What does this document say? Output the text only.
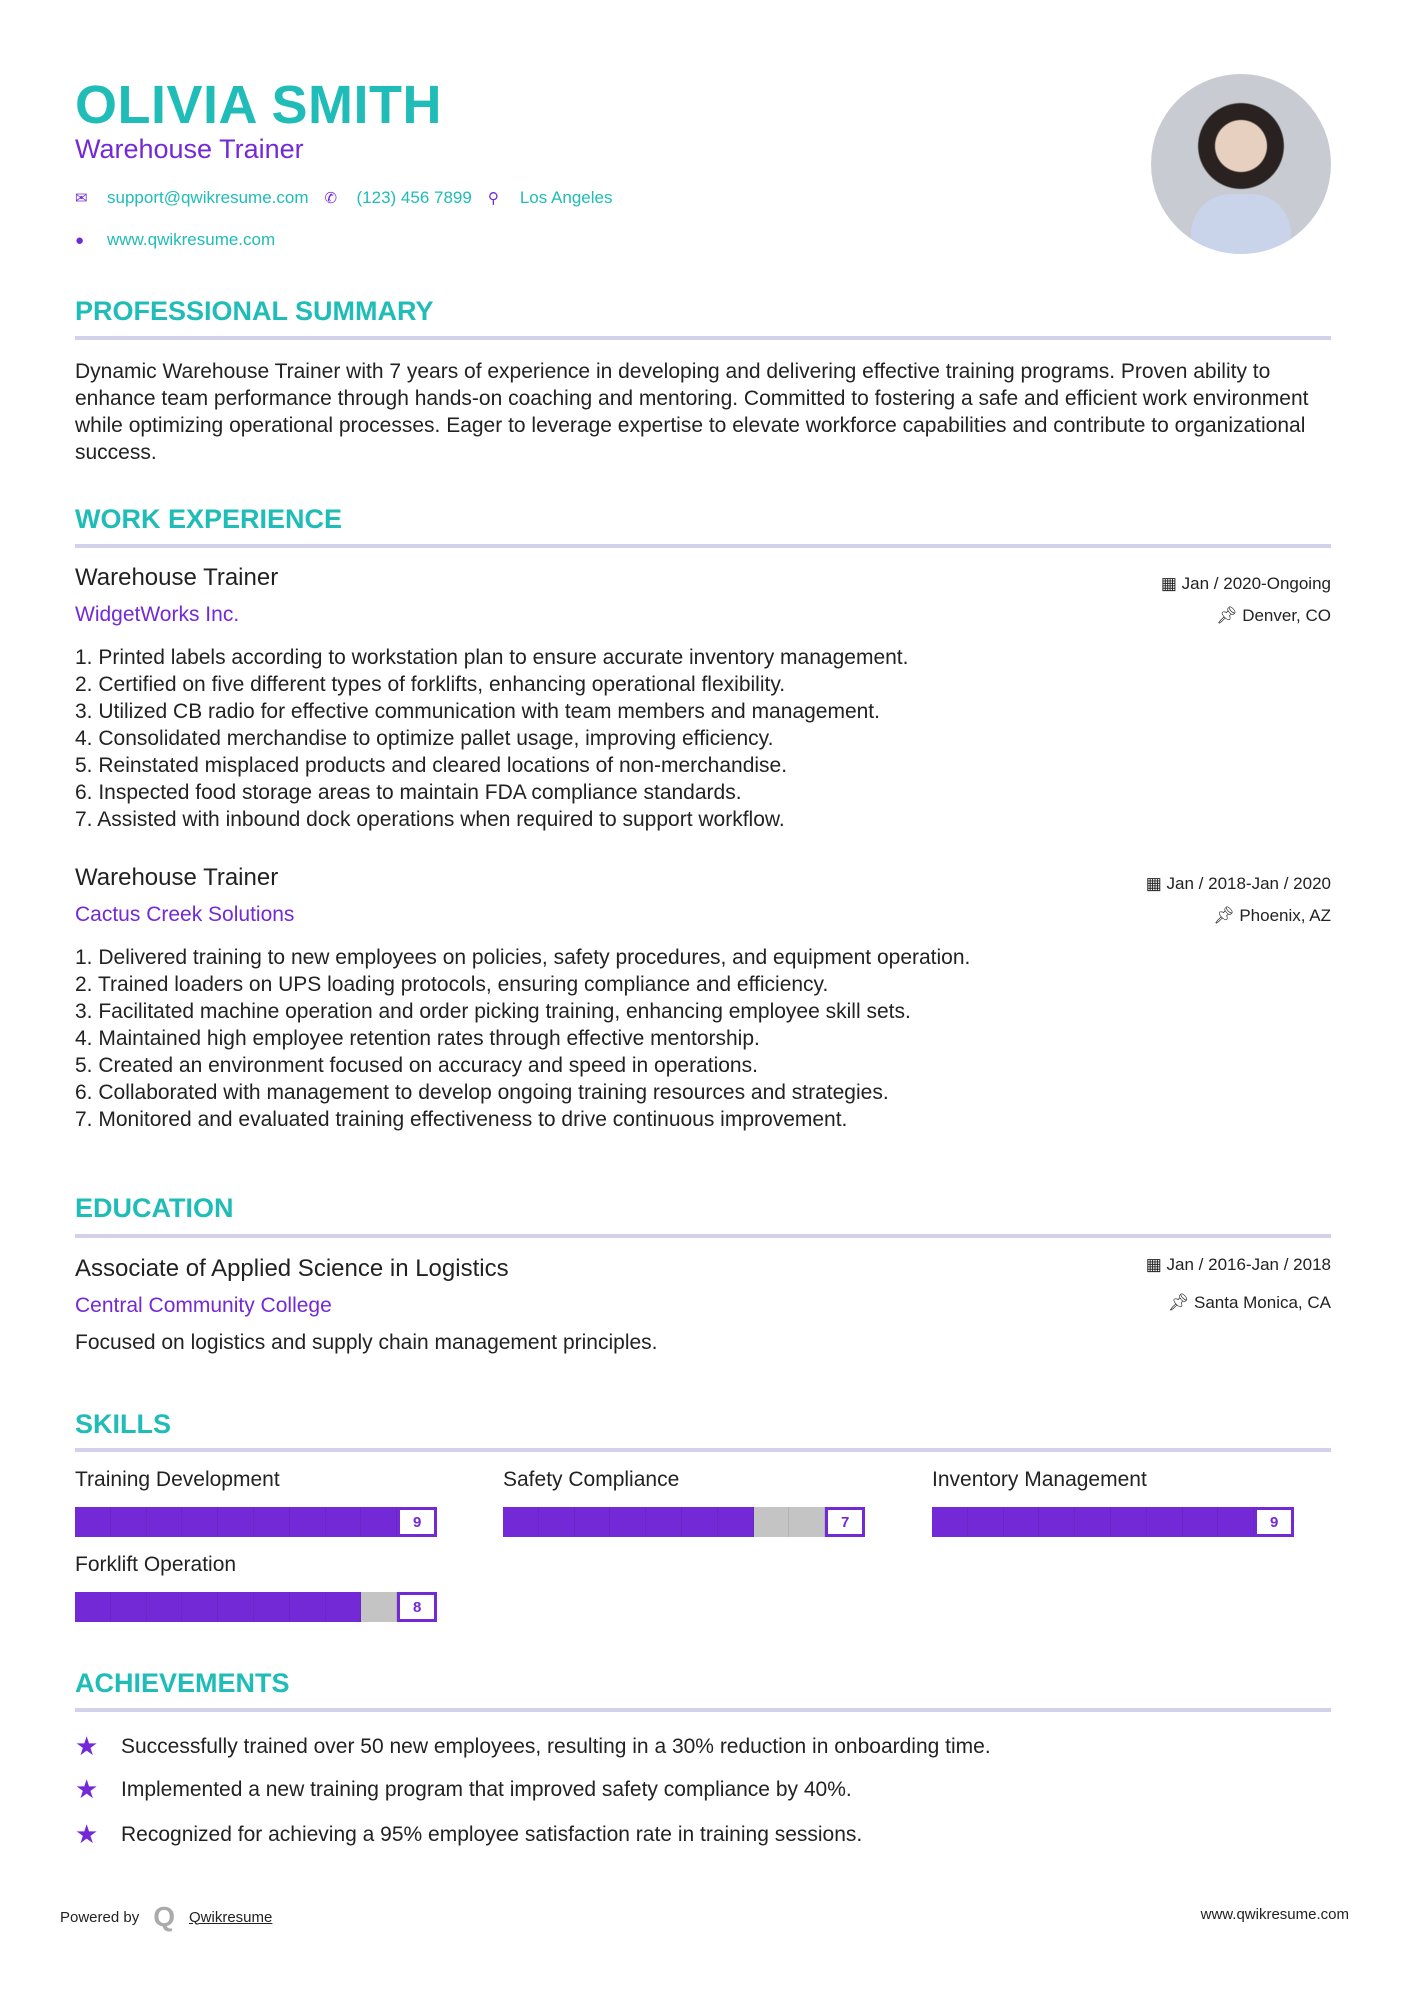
OLIVIA SMITH
Warehouse Trainer
✉	support@qwikresume.com ✆	(123) 456 7899 ⚲	Los Angeles
●	www.qwikresume.com
PROFESSIONAL SUMMARY
Dynamic Warehouse Trainer with 7 years of experience in developing and delivering effective training programs. Proven ability to enhance team performance through hands-on coaching and mentoring. Committed to fostering a safe and efficient work environment while optimizing operational processes. Eager to leverage expertise to elevate workforce capabilities and contribute to organizational success.
WORK EXPERIENCE
Warehouse Trainer
WidgetWorks Inc.
▦ Jan / 2020-Ongoing
📌︎ Denver, CO
1. Printed labels according to workstation plan to ensure accurate inventory management.
2. Certified on five different types of forklifts, enhancing operational flexibility.
3. Utilized CB radio for effective communication with team members and management.
4. Consolidated merchandise to optimize pallet usage, improving efficiency.
5. Reinstated misplaced products and cleared locations of non-merchandise.
6. Inspected food storage areas to maintain FDA compliance standards.
7. Assisted with inbound dock operations when required to support workflow.
Warehouse Trainer
Cactus Creek Solutions
▦ Jan / 2018-Jan / 2020
📌︎ Phoenix, AZ
1. Delivered training to new employees on policies, safety procedures, and equipment operation.
2. Trained loaders on UPS loading protocols, ensuring compliance and efficiency.
3. Facilitated machine operation and order picking training, enhancing employee skill sets.
4. Maintained high employee retention rates through effective mentorship.
5. Created an environment focused on accuracy and speed in operations.
6. Collaborated with management to develop ongoing training resources and strategies.
7. Monitored and evaluated training effectiveness to drive continuous improvement.
EDUCATION
Associate of Applied Science in Logistics
Central Community College
▦ Jan / 2016-Jan / 2018
📌︎ Santa Monica, CA
Focused on logistics and supply chain management principles.
SKILLS
Training Development
9
Safety Compliance
7
Inventory Management
9
Forklift Operation
8
ACHIEVEMENTS
★	Successfully trained over 50 new employees, resulting in a 30% reduction in onboarding time.
★	Implemented a new training program that improved safety compliance by 40%.
★	Recognized for achieving a 95% employee satisfaction rate in training sessions.
Powered by Q Qwikresume	www.qwikresume.com
